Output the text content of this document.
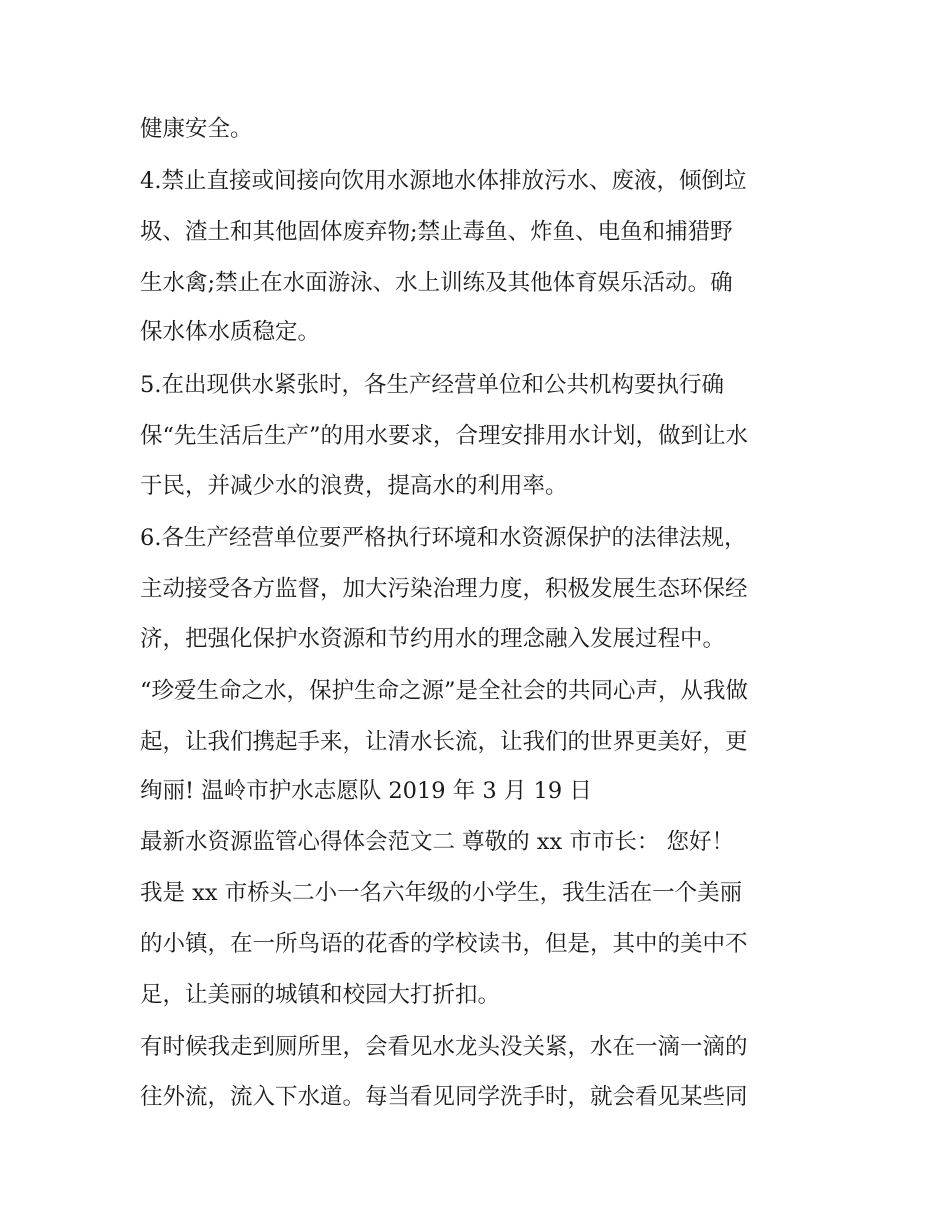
健康安全。
4.禁止直接或间接向饮用水源地水体排放污水、废液，倾倒垃
圾、渣土和其他固体废弃物;禁止毒鱼、炸鱼、电鱼和捕猎野
生水禽;禁止在水面游泳、水上训练及其他体育娱乐活动。确
保水体水质稳定。
5.在出现供水紧张时，各生产经营单位和公共机构要执行确
保“先生活后生产”的用水要求，合理安排用水计划，做到让水
于民，并减少水的浪费，提高水的利用率。
6.各生产经营单位要严格执行环境和水资源保护的法律法规，
主动接受各方监督，加大污染治理力度，积极发展生态环保经
济，把强化保护水资源和节约用水的理念融入发展过程中。
“珍爱生命之水，保护生命之源”是全社会的共同心声，从我做
起，让我们携起手来，让清水长流，让我们的世界更美好，更
绚丽! 温岭市护水志愿队 2019 年 3 月 19 日
最新水资源监管心得体会范文二 尊敬的 xx 市市长： 您好！
我是 xx 市桥头二小一名六年级的小学生，我生活在一个美丽
的小镇，在一所鸟语的花香的学校读书，但是，其中的美中不
足，让美丽的城镇和校园大打折扣。
有时候我走到厕所里，会看见水龙头没关紧，水在一滴一滴的
往外流，流入下水道。每当看见同学洗手时，就会看见某些同
